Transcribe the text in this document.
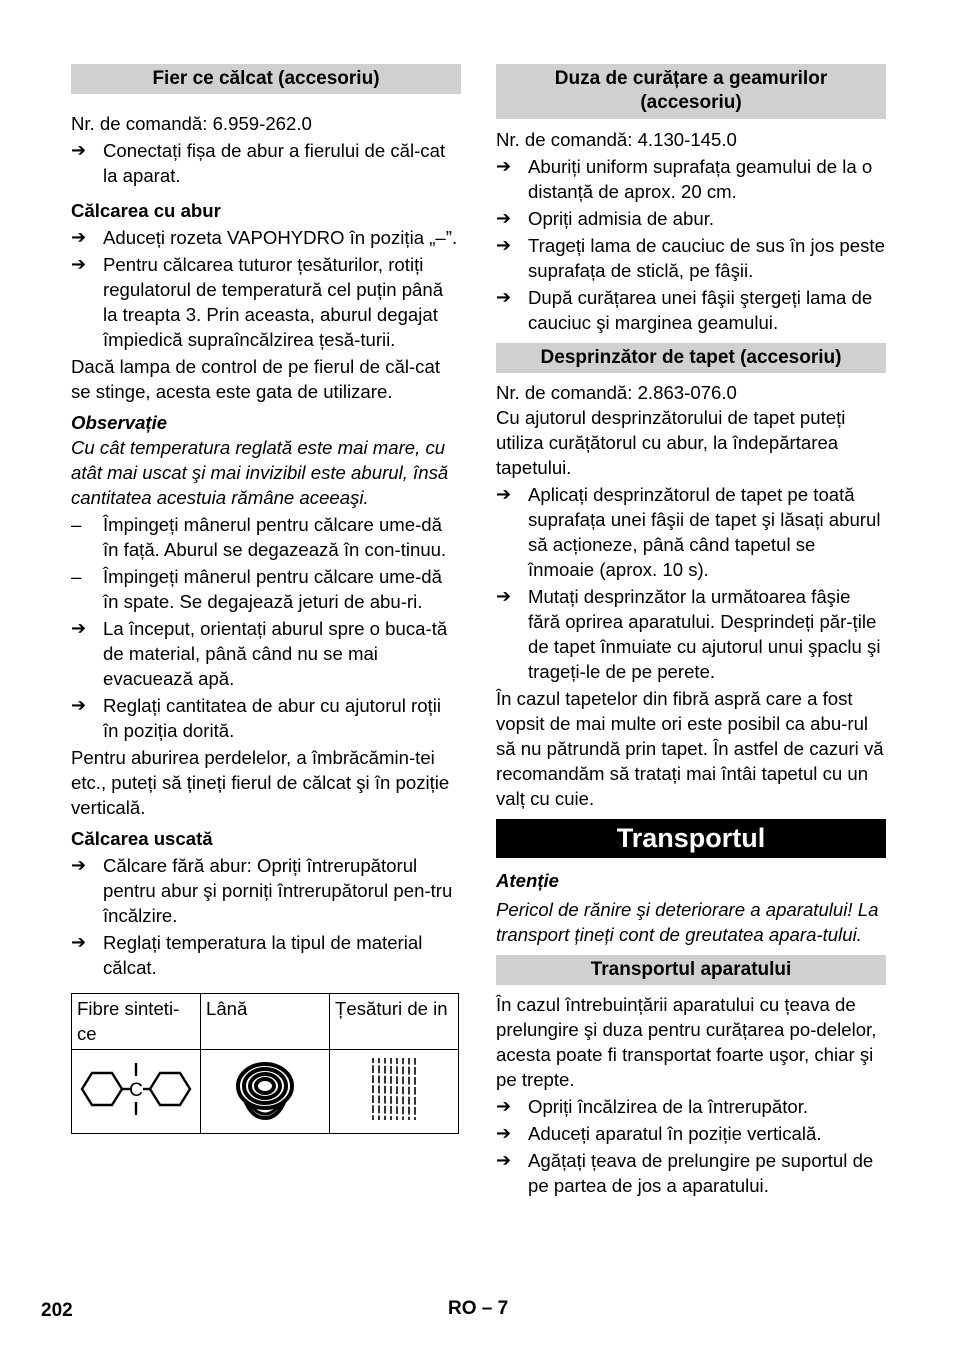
Fier ce călcat (accesoriu)

Nr. de comandă: 6.959-262.0

➔ Conectați fișa de abur a fierului de căl-cat la aparat.

Călcarea cu abur

➔ Aduceți rozeta VAPOHYDRO în poziția „–”.
➔ Pentru călcarea tuturor țesăturilor, rotiți regulatorul de temperatură cel puțin până la treapta 3. Prin aceasta, aburul degajat împiedică supraîncălzirea țesă-turii.

Dacă lampa de control de pe fierul de căl-cat se stinge, acesta este gata de utilizare.

Observație

Cu cât temperatura reglată este mai mare, cu atât mai uscat şi mai invizibil este aburul, însă cantitatea acestuia rămâne aceeaşi.

– Împingeți mânerul pentru călcare ume-dă în față. Aburul se degazează în con-tinuu.
– Împingeți mânerul pentru călcare ume-dă în spate. Se degajează jeturi de abu-ri.
➔ La început, orientați aburul spre o buca-tă de material, până când nu se mai evacuează apă.
➔ Reglați cantitatea de abur cu ajutorul roții în poziția dorită.

Pentru aburirea perdelelor, a îmbrăcămin-tei etc., puteți să țineți fierul de călcat şi în poziție verticală.

Călcarea uscată

➔ Călcare fără abur: Opriți întrerupătorul pentru abur şi porniți întrerupătorul pen-tru încălzire.
➔ Reglați temperatura la tipul de material călcat.
Fibre sinteti-ce	Lână	Țesături de in

C

Duza de curățare a geamurilor (accesoriu)

Nr. de comandă: 4.130-145.0

➔ Aburiți uniform suprafața geamului de la o distanță de aprox. 20 cm.
➔ Opriți admisia de abur.
➔ Trageți lama de cauciuc de sus în jos peste suprafața de sticlă, pe fâşii.
➔ După curățarea unei fâşii ştergeți lama de cauciuc şi marginea geamului.
Desprinzător de tapet (accesoriu)

Nr. de comandă: 2.863-076.0

Cu ajutorul desprinzătorului de tapet puteți utiliza curățătorul cu abur, la îndepărtarea tapetului.

➔ Aplicați desprinzătorul de tapet pe toată suprafața unei fâşii de tapet şi lăsați aburul să acționeze, până când tapetul se înmoaie (aprox. 10 s).
➔ Mutați desprinzător la următoarea fâşie fără oprirea aparatului. Desprindeți păr-țile de tapet înmuiate cu ajutorul unui şpaclu şi trageți-le de pe perete.

În cazul tapetelor din fibră aspră care a fost vopsit de mai multe ori este posibil ca abu-rul să nu pătrundă prin tapet. În astfel de cazuri vă recomandăm să tratați mai întâi tapetul cu un valț cu cuie.

Transportul

Atenție

Pericol de rănire şi deteriorare a aparatului! La transport țineți cont de greutatea apara-tului.

Transportul aparatului

În cazul întrebuințării aparatului cu țeava de prelungire şi duza pentru curățarea po-delelor, acesta poate fi transportat foarte uşor, chiar şi pe trepte.

➔ Opriți încălzirea de la întrerupător.
➔ Aduceți aparatul în poziție verticală.
➔ Agățați țeava de prelungire pe suportul de pe partea de jos a aparatului.
202	RO – 7
